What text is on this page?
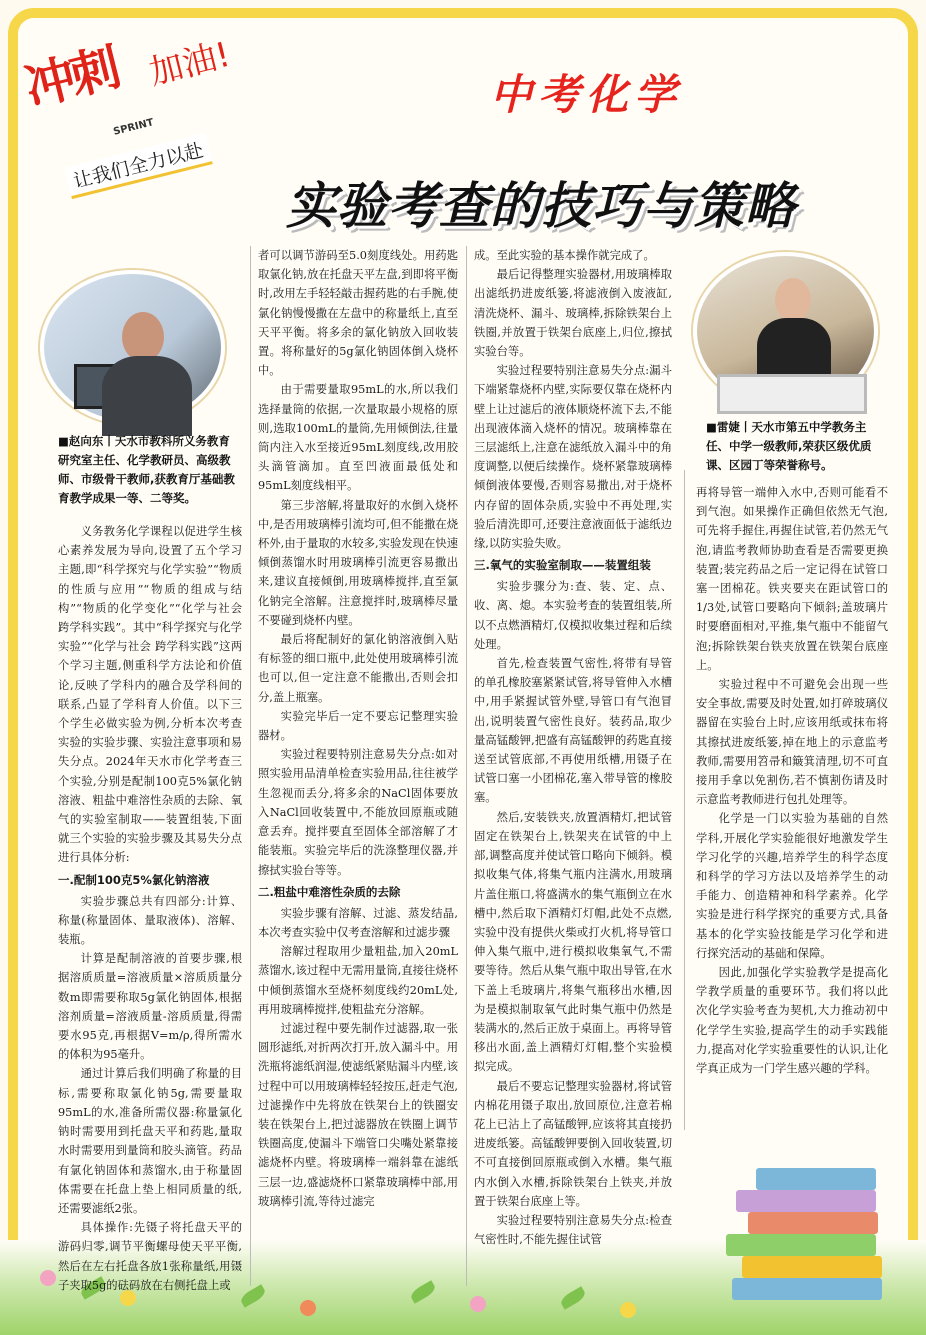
冲刺 加油!
SPRINT
让我们全力以赴
中考化学
实验考查的技巧与策略
■赵向东丨天水市教科所义务教育研究室主任、化学教研员、高级教师、市级骨干教师,获教育厅基础教育教学成果一等、二等奖。
■雷婕丨天水市第五中学教务主任、中学一级教师,荣获区级优质课、区园丁等荣誉称号。

义务教务化学课程以促进学生核心素养发展为导向,设置了五个学习主题,即“科学探究与化学实验”“物质的性质与应用”“物质的组成与结构”“物质的化学变化”“化学与社会 跨学科实践”。其中“科学探究与化学实验”“化学与社会 跨学科实践”这两个学习主题,侧重科学方法论和价值论,反映了学科内的融合及学科间的联系,凸显了学科育人价值。以下三个学生必做实验为例,分析本次考查实验的实验步骤、实验注意事项和易失分点。2024年天水市化学考查三个实验,分别是配制100克5%氯化钠溶液、粗盐中难溶性杂质的去除、氧气的实验室制取——装置组装,下面就三个实验的实验步骤及其易失分点进行具体分析:

一.配制100克5%氯化钠溶液

实验步骤总共有四部分:计算、称量(称量固体、量取液体)、溶解、装瓶。

计算是配制溶液的首要步骤,根据溶质质量=溶液质量×溶质质量分数m即需要称取5g氯化钠固体,根据溶剂质量=溶液质量-溶质质量,得需要水95克,再根据V=m/ρ,得所需水的体积为95毫升。

通过计算后我们明确了称量的目标,需要称取氯化钠5g,需要量取95mL的水,准备所需仪器:称量氯化钠时需要用到托盘天平和药匙,量取水时需要用到量筒和胶头滴管。药品有氯化钠固体和蒸馏水,由于称量固体需要在托盘上垫上相同质量的纸,还需要滤纸2张。

具体操作:先镊子将托盘天平的游码归零,调节平衡螺母使天平平衡,然后在左右托盘各放1张称量纸,用镊子夹取5g的砝码放在右侧托盘上或

者可以调节游码至5.0刻度线处。用药匙取氯化钠,放在托盘天平左盘,到即将平衡时,改用左手轻轻敲击握药匙的右手腕,使氯化钠慢慢撒在左盘中的称量纸上,直至天平平衡。将多余的氯化钠放入回收装置。将称量好的5g氯化钠固体倒入烧杯中。

由于需要量取95mL的水,所以我们选择量筒的依据,一次量取最小规格的原则,选取100mL的量筒,先用倾倒法,往量筒内注入水至接近95mL刻度线,改用胶头滴管滴加。直至凹液面最低处和95mL刻度线相平。

第三步溶解,将量取好的水倒入烧杯中,是否用玻璃棒引流均可,但不能撒在烧杯外,由于量取的水较多,实验发现在快速倾倒蒸馏水时用玻璃棒引流更容易撒出来,建议直接倾倒,用玻璃棒搅拌,直至氯化钠完全溶解。注意搅拌时,玻璃棒尽量不要碰到烧杯内壁。

最后将配制好的氯化钠溶液倒入贴有标签的细口瓶中,此处使用玻璃棒引流也可以,但一定注意不能撒出,否则会扣分,盖上瓶塞。

实验完毕后一定不要忘记整理实验器材。

实验过程要特别注意易失分点:如对照实验用品清单检查实验用品,往往被学生忽视而丢分,将多余的NaCl固体要放入NaCl回收装置中,不能放回原瓶或随意丢弃。搅拌要直至固体全部溶解了才能装瓶。实验完毕后的洗涤整理仪器,并擦拭实验台等等。

二.粗盐中难溶性杂质的去除

实验步骤有溶解、过滤、蒸发结晶,本次考查实验中仅考查溶解和过滤步骤

溶解过程取用少量粗盐,加入20mL蒸馏水,该过程中无需用量筒,直接往烧杯中倾倒蒸馏水至烧杯刻度线约20mL处,再用玻璃棒搅拌,使粗盐充分溶解。

过滤过程中要先制作过滤器,取一张圆形滤纸,对折两次打开,放入漏斗中。用洗瓶将滤纸润湿,使滤纸紧贴漏斗内壁,该过程中可以用玻璃棒轻轻按压,赶走气泡,过滤操作中先将放在铁架台上的铁圈安装在铁架台上,把过滤器放在铁圈上调节铁圈高度,使漏斗下端管口尖嘴处紧靠接滤烧杯内壁。将玻璃棒一端斜靠在滤纸三层一边,盛滤烧杯口紧靠玻璃棒中部,用玻璃棒引流,等待过滤完

成。至此实验的基本操作就完成了。

最后记得整理实验器材,用玻璃棒取出滤纸扔进废纸篓,将滤液倒入废液缸,清洗烧杯、漏斗、玻璃棒,拆除铁架台上铁圈,并放置于铁架台底座上,归位,擦拭实验台等。

实验过程要特别注意易失分点:漏斗下端紧靠烧杯内壁,实际要仅靠在烧杯内壁上让过滤后的液体顺烧杯流下去,不能出现液体滴入烧杯的情况。玻璃棒靠在三层滤纸上,注意在滤纸放入漏斗中的角度调整,以便后续操作。烧杯紧靠玻璃棒倾倒液体要慢,否则容易撒出,对于烧杯内存留的固体杂质,实验中不再处理,实验后清洗即可,还要注意液面低于滤纸边缘,以防实验失败。

三.氧气的实验室制取——装置组装

实验步骤分为:查、装、定、点、收、离、熄。本实验考查的装置组装,所以不点燃酒精灯,仅模拟收集过程和后续处理。

首先,检查装置气密性,将带有导管的单孔橡胶塞紧紧试管,将导管伸入水槽中,用手紧握试管外壁,导管口有气泡冒出,说明装置气密性良好。装药品,取少量高锰酸钾,把盛有高锰酸钾的药匙直接送至试管底部,不再使用纸槽,用镊子在试管口塞一小团棉花,塞入带导管的橡胶塞。

然后,安装铁夹,放置酒精灯,把试管固定在铁架台上,铁架夹在试管的中上部,调整高度并使试管口略向下倾斜。模拟收集气体,将集气瓶内注满水,用玻璃片盖住瓶口,将盛满水的集气瓶倒立在水槽中,然后取下酒精灯灯帽,此处不点燃,实验中没有提供火柴或打火机,将导管口伸入集气瓶中,进行模拟收集氧气,不需要等待。然后从集气瓶中取出导管,在水下盖上毛玻璃片,将集气瓶移出水槽,因为是模拟制取氧气此时集气瓶中仍然是装满水的,然后正放于桌面上。再将导管移出水面,盖上酒精灯灯帽,整个实验模拟完成。

最后不要忘记整理实验器材,将试管内棉花用镊子取出,放回原位,注意若棉花上已沾上了高锰酸钾,应该将其直接扔进废纸篓。高锰酸钾要倒入回收装置,切不可直接倒回原瓶或倒入水槽。集气瓶内水倒入水槽,拆除铁架台上铁夹,并放置于铁架台底座上等。

实验过程要特别注意易失分点:检查气密性时,不能先握住试管

再将导管一端伸入水中,否则可能看不到气泡。如果操作正确但依然无气泡,可先将手握住,再握住试管,若仍然无气泡,请监考教师协助查看是否需要更换装置;装完药品之后一定记得在试管口塞一团棉花。铁夹要夹在距试管口的1/3处,试管口要略向下倾斜;盖玻璃片时要磨面相对,平推,集气瓶中不能留气泡;拆除铁架台铁夹放置在铁架台底座上。

实验过程中不可避免会出现一些安全事故,需要及时处置,如打碎玻璃仪器留在实验台上时,应该用纸或抹布将其擦拭进废纸篓,掉在地上的示意监考教师,需要用笤帚和簸箕清理,切不可直接用手拿以免割伤,若不慎割伤请及时示意监考教师进行包扎处理等。

化学是一门以实验为基础的自然学科,开展化学实验能很好地激发学生学习化学的兴趣,培养学生的科学态度和科学的学习方法以及培养学生的动手能力、创造精神和科学素养。化学实验是进行科学探究的重要方式,具备基本的化学实验技能是学习化学和进行探究活动的基础和保障。

因此,加强化学实验教学是提高化学教学质量的重要环节。我们将以此次化学实验考查为契机,大力推动初中化学学生实验,提高学生的动手实践能力,提高对化学实验重要性的认识,让化学真正成为一门学生感兴趣的学科。
